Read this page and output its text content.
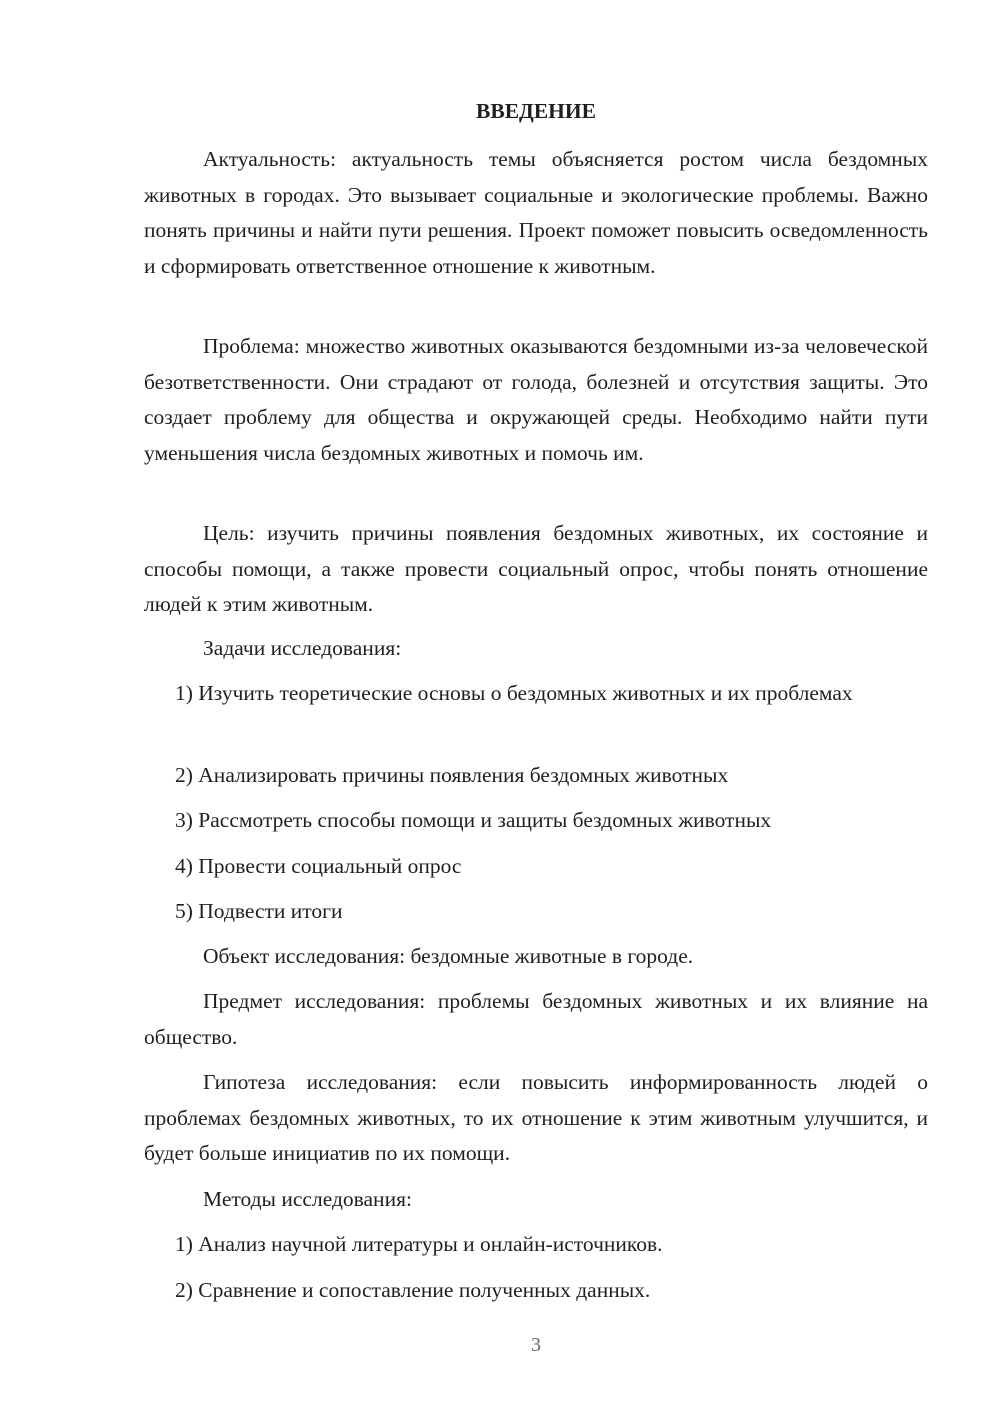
ВВЕДЕНИЕ

Актуальность: актуальность темы объясняется ростом числа бездомных животных в городах. Это вызывает социальные и экологические проблемы. Важно понять причины и найти пути решения. Проект поможет повысить осведомленность и сформировать ответственное отношение к животным.

Проблема: множество животных оказываются бездомными из-за человеческой безответственности. Они страдают от голода, болезней и отсутствия защиты. Это создает проблему для общества и окружающей среды. Необходимо найти пути уменьшения числа бездомных животных и помочь им.

Цель: изучить причины появления бездомных животных, их состояние и способы помощи, а также провести социальный опрос, чтобы понять отношение людей к этим животным.

Задачи исследования:

1) Изучить теоретические основы о бездомных животных и их проблемах

2) Анализировать причины появления бездомных животных

3) Рассмотреть способы помощи и защиты бездомных животных

4) Провести социальный опрос

5) Подвести итоги

Объект исследования: бездомные животные в городе.

Предмет исследования: проблемы бездомных животных и их влияние на общество.

Гипотеза исследования: если повысить информированность людей о проблемах бездомных животных, то их отношение к этим животным улучшится, и будет больше инициатив по их помощи.

Методы исследования:

1) Анализ научной литературы и онлайн-источников.

2) Сравнение и сопоставление полученных данных.

3
